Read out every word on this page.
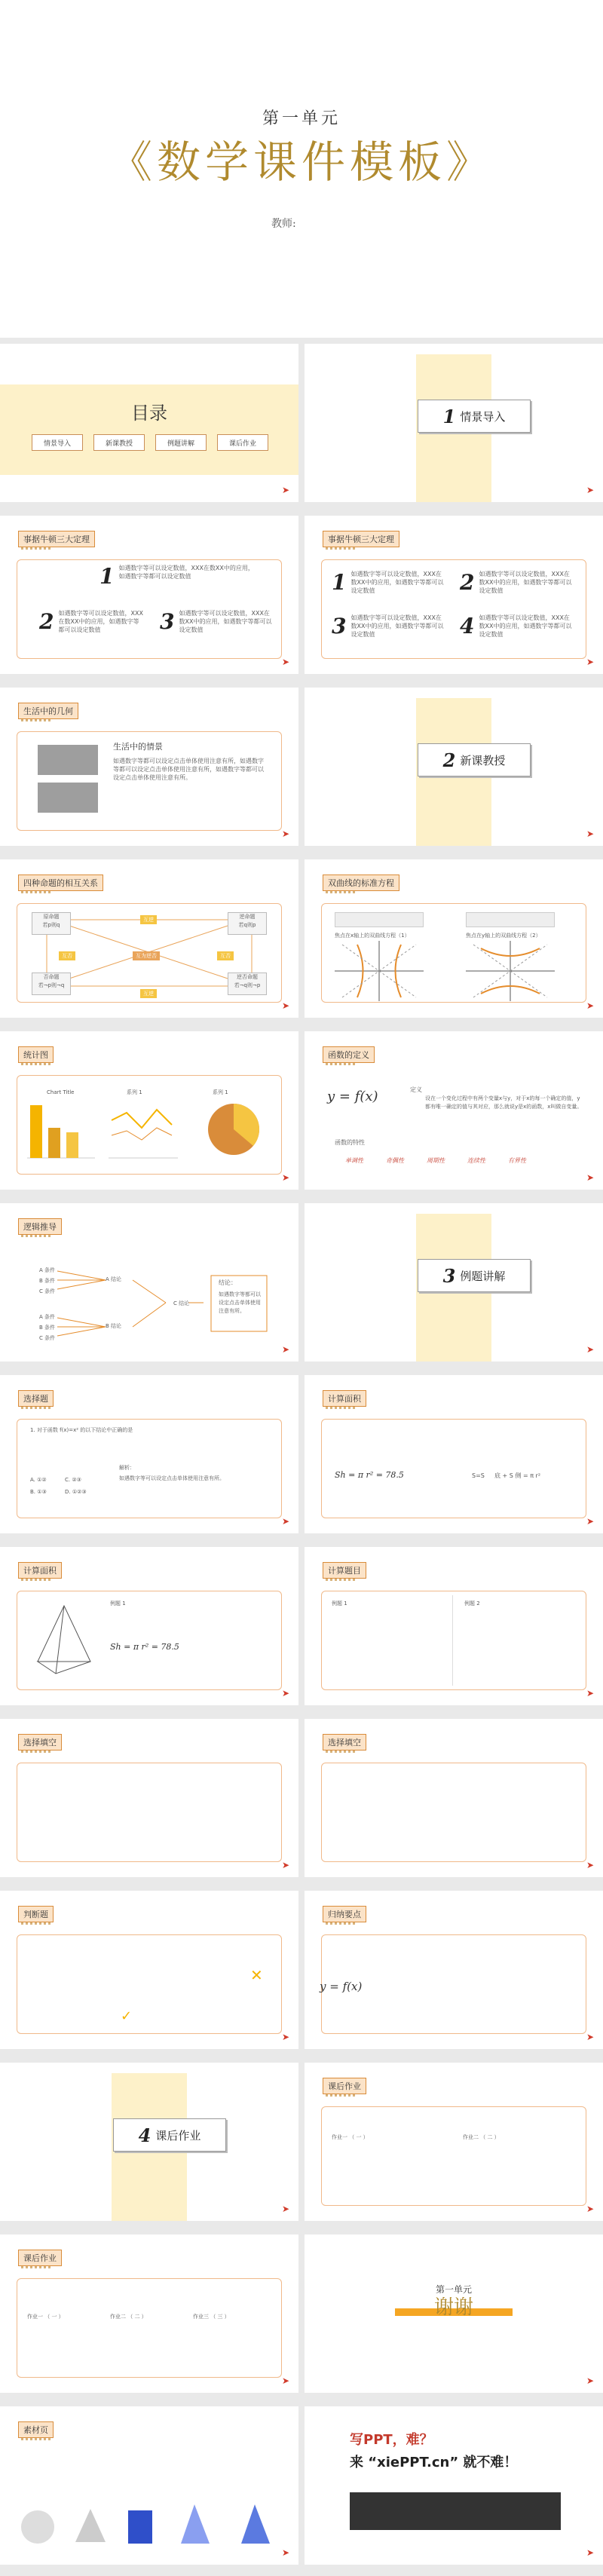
第一单元
《数学课件模板》
教师:
目录
情景导入	新课教授	例题讲解	课后作业
➤
1 情景导入
➤
事据牛顿三大定理
1 如遇数字等可以设定数值，XXX在数XX中的应用，如遇数字等都可以设定数值
2 如遇数字等可以设定数值，XXX在数XX中的应用，如遇数字等都可以设定数值	3 如遇数字等可以设定数值，XXX在数XX中的应用，如遇数字等都可以设定数值
➤
事据牛顿三大定理
1 如遇数字等可以设定数值，XXX在数XX中的应用，如遇数字等都可以设定数值	2 如遇数字等可以设定数值，XXX在数XX中的应用，如遇数字等都可以设定数值
3 如遇数字等可以设定数值，XXX在数XX中的应用，如遇数字等都可以设定数值	4 如遇数字等可以设定数值，XXX在数XX中的应用，如遇数字等都可以设定数值
➤
生活中的几何
生活中的情景
如遇数字等都可以设定点击单体使用注意有所，如遇数字等都可以设定点击单体使用注意有所，如遇数字等都可以设定点击单体使用注意有所。
➤
2 新课教授
➤
四种命题的相互关系
原命题
若p则q
逆命题
若q则p
否命题
若¬p则¬q
逆否命题
若¬q则¬p
互为逆否
互逆
互逆
互否	互否
➤
双曲线的标准方程
焦点在x轴上的双曲线方程（1）	焦点在y轴上的双曲线方程（2）
➤
统计图
Chart Title	系列 1	系列 1
➤
函数的定义
y = f(x)	定义
设在一个变化过程中有两个变量x与y，对于x的每一个确定的值，y都有唯一确定的值与其对应，那么就说y是x的函数，x叫做自变量。
函数的特性
单调性	奇偶性	周期性	连续性	有界性
➤
逻辑推导
A 条件
B 条件
C 条件
A 条件
B 条件
C 条件
A 结论
B 结论
C 结论
结论：
如遇数字等都可以设定点击单体使用注意有所。
➤
3 例题讲解
➤
选择题
1. 对于函数 f(x)=x² 的以下结论中正确的是
A. ①②	C. ②③
B. ①③	D. ①②③
解析：
如遇数字等可以设定点击单体使用注意有所。
➤
计算面积
Sh = π r² = 78.5	S=S 底 + S 侧 = π r²
➤
计算面积
例题 1
Sh = π r² = 78.5
➤
计算题目
例题 1	例题 2
➤
选择填空
➤
选择填空
➤
判断题
✕
✓
➤
归纳要点
y = f(x)
➤
4 课后作业
➤
课后作业
作业一 （ 一 ）	作业二 （ 二 ）
➤
课后作业
作业一 （ 一 ）	作业二 （ 二 ）	作业三 （ 三 ）
➤
第一单元
谢谢
➤
素材页
➤
写PPT，难？
来 “xiePPT.cn” 就不难！
➤
